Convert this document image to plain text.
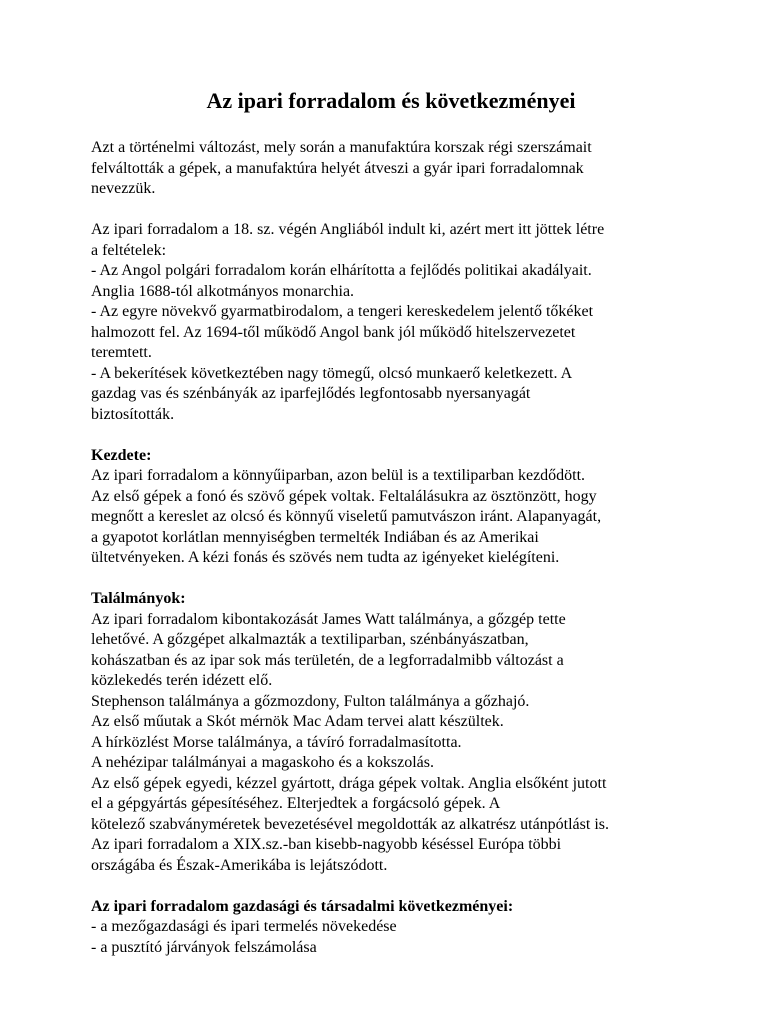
Az ipari forradalom és következményei
Azt a történelmi változást, mely során a manufaktúra korszak régi szerszámait
felváltották a gépek, a manufaktúra helyét átveszi a gyár ipari forradalomnak
nevezzük.
Az ipari forradalom a 18. sz. végén Angliából indult ki, azért mert itt jöttek létre
a feltételek:
- Az Angol polgári forradalom korán elhárította a fejlődés politikai akadályait.
Anglia 1688-tól alkotmányos monarchia.
- Az egyre növekvő gyarmatbirodalom, a tengeri kereskedelem jelentő tőkéket
halmozott fel. Az 1694-től működő Angol bank jól működő hitelszervezetet
teremtett.
- A bekerítések következtében nagy tömegű, olcsó munkaerő keletkezett. A
gazdag vas és szénbányák az iparfejlődés legfontosabb nyersanyagát
biztosították.
Kezdete:
Az ipari forradalom a könnyűiparban, azon belül is a textiliparban kezdődött.
Az első gépek a fonó és szövő gépek voltak. Feltalálásukra az ösztönzött, hogy
megnőtt a kereslet az olcsó és könnyű viseletű pamutvászon iránt. Alapanyagát,
a gyapotot korlátlan mennyiségben termelték Indiában és az Amerikai
ültetvényeken. A kézi fonás és szövés nem tudta az igényeket kielégíteni.
Találmányok:
Az ipari forradalom kibontakozását James Watt találmánya, a gőzgép tette
lehetővé. A gőzgépet alkalmazták a textiliparban, szénbányászatban,
kohászatban és az ipar sok más területén, de a legforradalmibb változást a
közlekedés terén idézett elő.
Stephenson találmánya a gőzmozdony, Fulton találmánya a gőzhajó.
Az első műutak a Skót mérnök Mac Adam tervei alatt készültek.
A hírközlést Morse találmánya, a távíró forradalmasította.
A nehézipar találmányai a magaskoho és a kokszolás.
Az első gépek egyedi, kézzel gyártott, drága gépek voltak. Anglia elsőként jutott
el a gépgyártás gépesítéséhez. Elterjedtek a forgácsoló gépek. A
kötelező szabványméretek bevezetésével megoldották az alkatrész utánpótlást is.
Az ipari forradalom a XIX.sz.-ban kisebb-nagyobb késéssel Európa többi
országába és Észak-Amerikába is lejátszódott.
Az ipari forradalom gazdasági és társadalmi következményei:
- a mezőgazdasági és ipari termelés növekedése
- a pusztító járványok felszámolása
